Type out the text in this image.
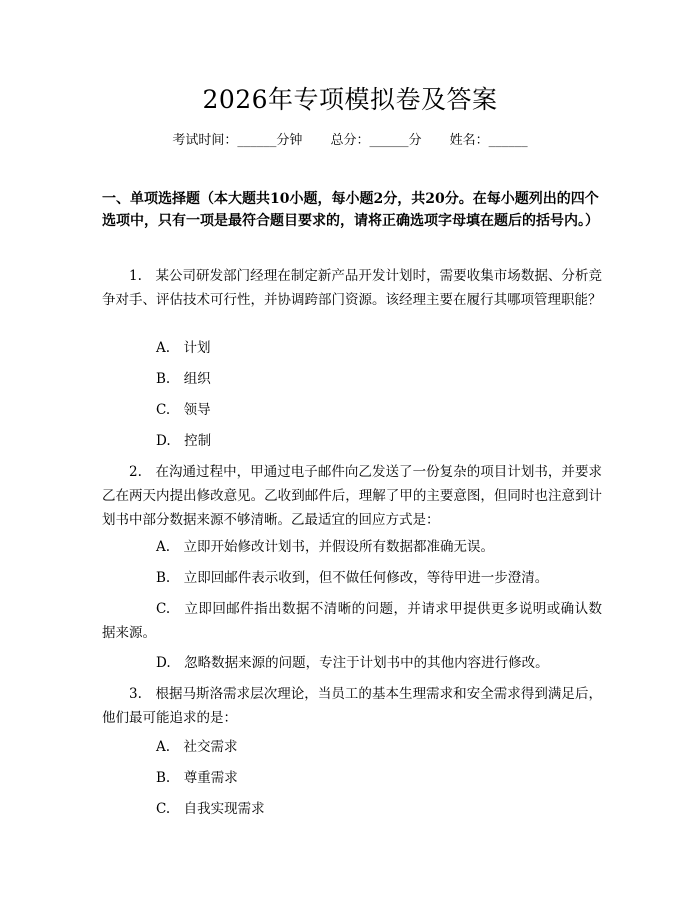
2026年专项模拟卷及答案
考试时间：______分钟 总分：______分 姓名：______
一、单项选择题（本大题共10小题，每小题2分，共20分。在每小题列出的四个选项中，只有一项是最符合题目要求的，请将正确选项字母填在题后的括号内。）
1.　某公司研发部门经理在制定新产品开发计划时，需要收集市场数据、分析竞争对手、评估技术可行性，并协调跨部门资源。该经理主要在履行其哪项管理职能？
A.　计划
B.　组织
C.　领导
D.　控制
2.　在沟通过程中，甲通过电子邮件向乙发送了一份复杂的项目计划书，并要求乙在两天内提出修改意见。乙收到邮件后，理解了甲的主要意图，但同时也注意到计划书中部分数据来源不够清晰。乙最适宜的回应方式是：
A.　立即开始修改计划书，并假设所有数据都准确无误。
B.　立即回邮件表示收到，但不做任何修改，等待甲进一步澄清。
C.　立即回邮件指出数据不清晰的问题，并请求甲提供更多说明或确认数据来源。
D.　忽略数据来源的问题，专注于计划书中的其他内容进行修改。
3.　根据马斯洛需求层次理论，当员工的基本生理需求和安全需求得到满足后，他们最可能追求的是：
A.　社交需求
B.　尊重需求
C.　自我实现需求
